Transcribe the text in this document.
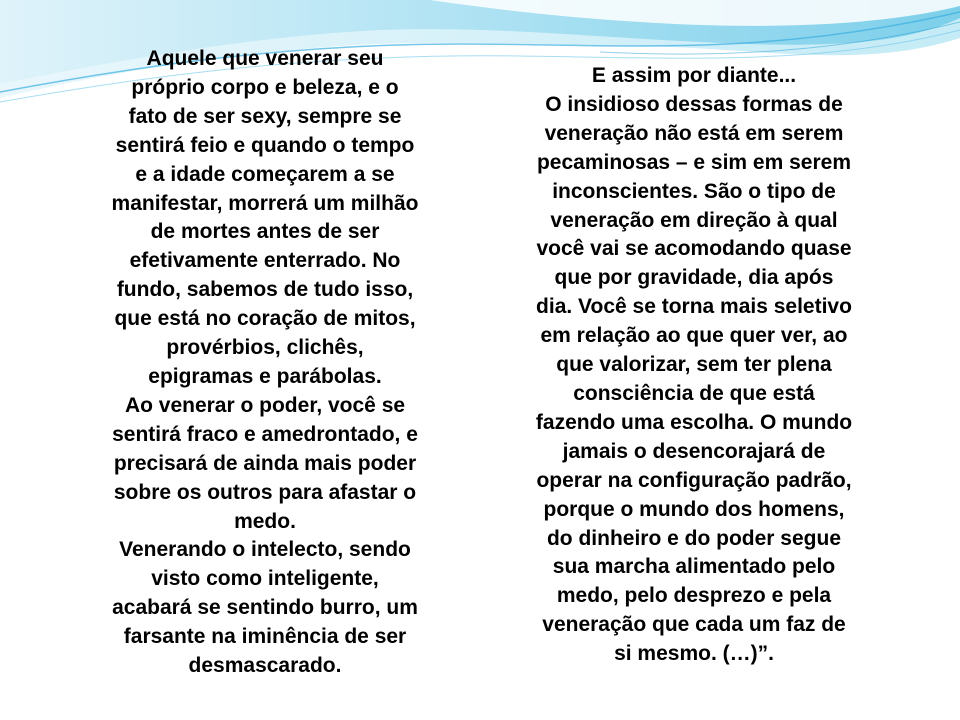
Aquele que venerar seu
próprio corpo e beleza, e o
fato de ser sexy, sempre se
sentirá feio e quando o tempo
e a idade começarem a se
manifestar, morrerá um milhão
de mortes antes de ser
efetivamente enterrado. No
fundo, sabemos de tudo isso,
que está no coração de mitos,
provérbios, clichês,
epigramas e parábolas.
Ao venerar o poder, você se
sentirá fraco e amedrontado, e
precisará de ainda mais poder
sobre os outros para afastar o
medo.
Venerando o intelecto, sendo
visto como inteligente,
acabará se sentindo burro, um
farsante na iminência de ser
desmascarado.

E assim por diante...
O insidioso dessas formas de
veneração não está em serem
pecaminosas – e sim em serem
inconscientes. São o tipo de
veneração em direção à qual
você vai se acomodando quase
que por gravidade, dia após
dia. Você se torna mais seletivo
em relação ao que quer ver, ao
que valorizar, sem ter plena
consciência de que está
fazendo uma escolha. O mundo
jamais o desencorajará de
operar na configuração padrão,
porque o mundo dos homens,
do dinheiro e do poder segue
sua marcha alimentado pelo
medo, pelo desprezo e pela
veneração que cada um faz de
si mesmo. (…)”.
